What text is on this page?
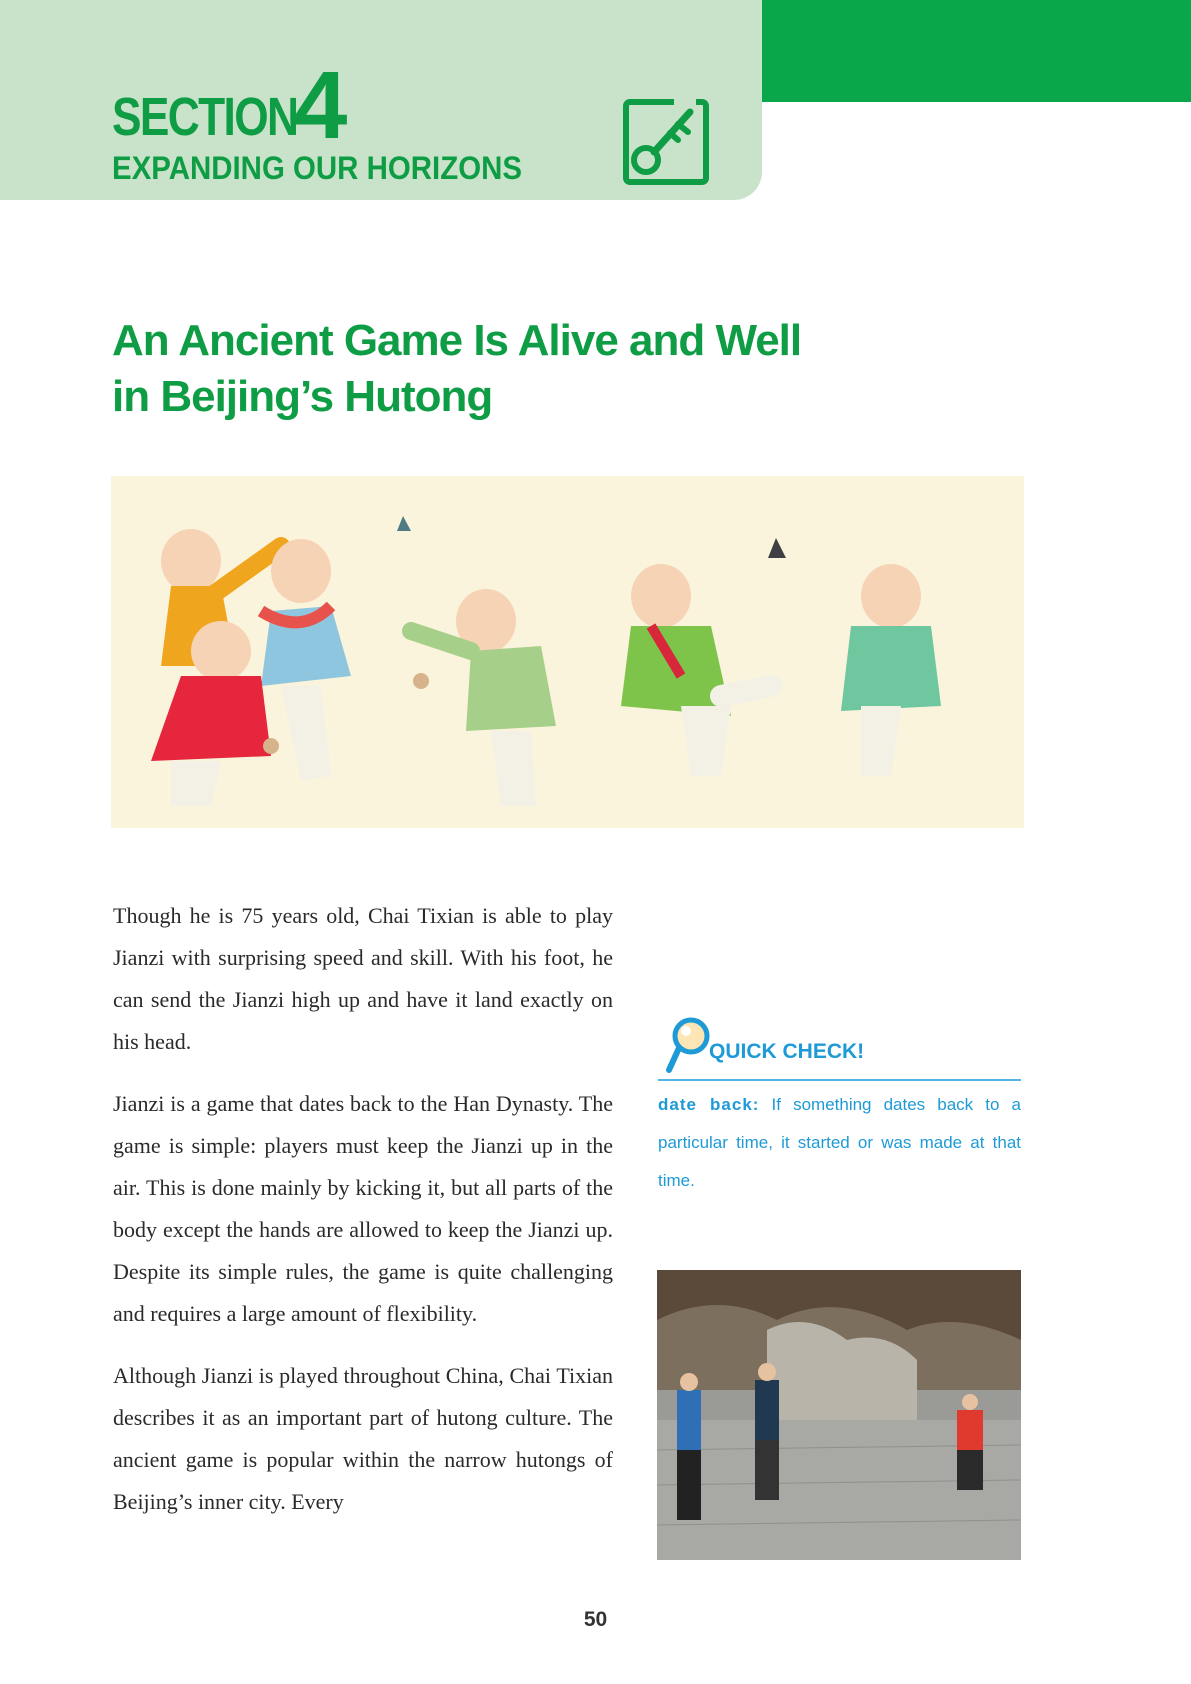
SECTION
4
EXPANDING OUR HORIZONS
An Ancient Game Is Alive and Well
in Beijing’s Hutong

Though he is 75 years old, Chai Tixian is able to play Jianzi with surprising speed and skill. With his foot, he can send the Jianzi high up and have it land exactly on his head.

Jianzi is a game that dates back to the Han Dynasty. The game is simple: players must keep the Jianzi up in the air. This is done mainly by kicking it, but all parts of the body except the hands are allowed to keep the Jianzi up. Despite its simple rules, the game is quite challenging and requires a large amount of flexibility.

Although Jianzi is played throughout China, Chai Tixian describes it as an important part of hutong culture. The ancient game is popular within the narrow hutongs of Beijing’s inner city. Every

QUICK CHECK!
date back: If something dates back to a particular time, it started or was made at that time.
50
